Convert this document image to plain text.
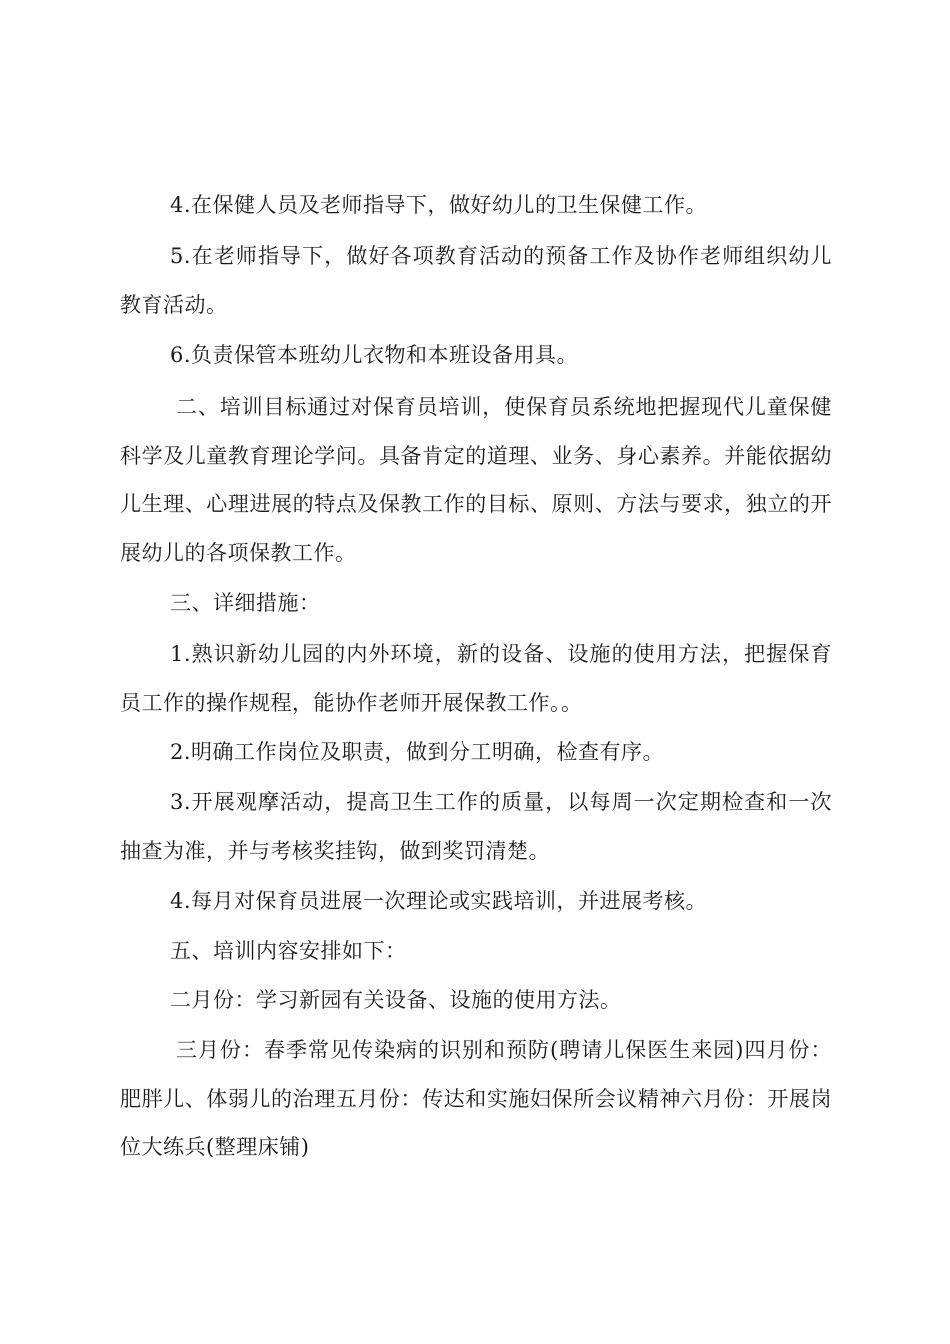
4.在保健人员及老师指导下，做好幼儿的卫生保健工作。

5.在老师指导下，做好各项教育活动的预备工作及协作老师组织幼儿教育活动。

6.负责保管本班幼儿衣物和本班设备用具。

二、培训目标通过对保育员培训，使保育员系统地把握现代儿童保健科学及儿童教育理论学问。具备肯定的道理、业务、身心素养。并能依据幼儿生理、心理进展的特点及保教工作的目标、原则、方法与要求，独立的开展幼儿的各项保教工作。

三、详细措施：

1.熟识新幼儿园的内外环境，新的设备、设施的使用方法，把握保育员工作的操作规程，能协作老师开展保教工作。。

2.明确工作岗位及职责，做到分工明确，检查有序。

3.开展观摩活动，提高卫生工作的质量，以每周一次定期检查和一次抽查为准，并与考核奖挂钩，做到奖罚清楚。

4.每月对保育员进展一次理论或实践培训，并进展考核。

五、培训内容安排如下：

二月份：学习新园有关设备、设施的使用方法。

三月份：春季常见传染病的识别和预防(聘请儿保医生来园)四月份：肥胖儿、体弱儿的治理五月份：传达和实施妇保所会议精神六月份：开展岗位大练兵(整理床铺)
